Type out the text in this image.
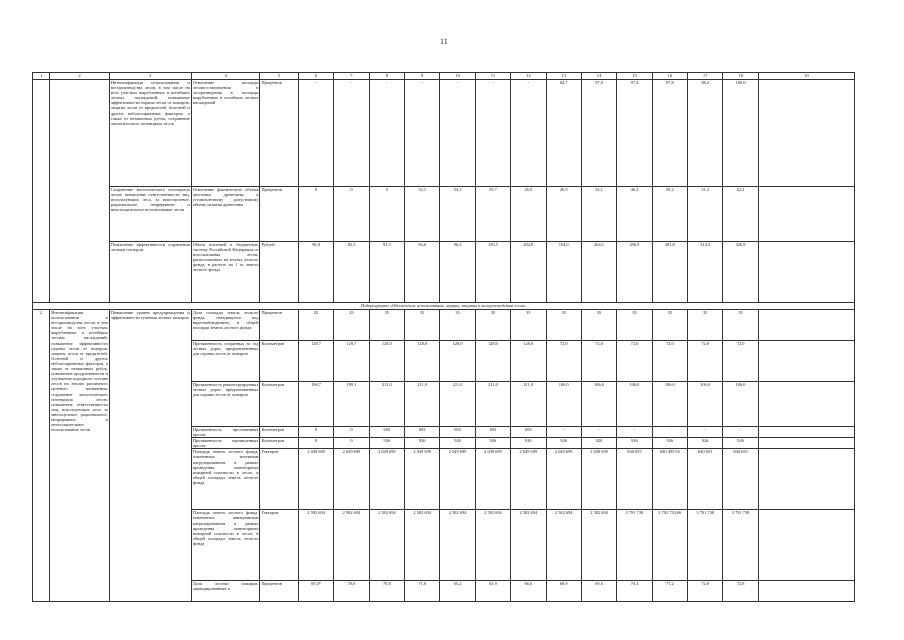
11
1	2	3	4	5	6	7	8	9	10	11	12	13	14	15	16	17	18	19
		Интенсификация использования и воспроизводства лесов, в том числе на всех участках вырубленных и погибших лесных насаждений; повышение эффективности охраны лесов от пожаров, защиты лесов от вредителей, болезней и других неблагоприятных факторов, а также от незаконных рубок; сохранение экологического потенциала лесов	Отношение площади лесовосстановления и лесоразведения к площади вырубленных и погибших лесных насаждений	Процентов	-	-	-	-	-	-	-	84,7	97,0	97,4	97,8	98,2	100,0	
		Сохранение экологического потенциала лесов; повышение ответственности лиц, использующих леса, за многоцелевое, рациональное, непрерывное и неистощительное использование лесов	Отношение фактического объема заготовки древесины к установленному допустимому объему изъятия древесины	Процентов	0	0	0	52,1	54,1	55,7	26,5	26,9	32,1	46,2	50,2	51,2	52,2	
		Повышение эффективности управления лесным сектором	Объем платежей в бюджетную систему Российской Федерации от использования лесов, расположенных на землях лесного фонда, в расчете на 1 га земель лесного фонда	Рублей	96,9	82,3	91,3	94,6	96,2	139,5	202,8	194,0	264,1	296,9	301,8	314,3	326,9	
Подпрограмма «Обеспечение использования, охраны, защиты и воспроизводства лесов»																		
2.	Интенсификация использования и воспроизводства лесов, в том числе на всех участках вырубленных и погибших лесных насаждений; повышение эффективности охраны лесов от пожаров, защиты лесов от вредителей, болезней и других неблагоприятных факторов, а также от незаконных рубок, повышение продуктивности и улучшение породного состава лесов на землях различного целевого назначения; сохранение экологического потенциала лесов; повышение ответственности лиц, использующих леса, за многоцелевое, рациональное, непрерывное и неистощительное использование лесов	Повышение уровня предупреждения и эффективности тушения лесных пожаров	Доля площади земель лесного фонда, находящихся под видеонаблюдением, в общей площади земель лесного фонда	Процентов	25	25	35	35	35	35	35	35	35	35	35	35	35	
			Протяженность созданных за год лесных дорог, предназначенных для охраны лесов от пожаров	Километров	128,7	129,7	128,0	128,0	128,0	128,0	128,0	72,0	72,0	72,0	72,0	72,0	72,0	
			Протяженность реконструируемых лесных дорог, предназначенных для охраны лесов от пожаров	Километров	196,7	199,1	211,0	211,0	211,0	211,0	211,0	106,0	106,0	106,0	106,0	106,0	106,0	
			Протяженность проложенных просек	Километров	0	0	693	693	693	693	693	-	-	-	-	-	-	
			Протяженность прочищенных просек	Километров	0	0	926	926	926	926	926	926	926	926	926	926	926	
			Площадь земель лесного фонда, охваченных наземным патрулированием в рамках проведения мониторинга пожарной опасности в лесах, в общей площади земель лесного фонда	Гектаров	2 049 699	2 049 699	2 049 699	2 049 699	2 049 699	2 049 699	2 049 699	2 049 699	2 049 699	840 655	840 495,94	840 655	840 655	
			Площадь земель лесного фонда, охваченных авиационным патрулированием в рамках проведения мониторинга пожарной опасности в лесах, в общей площади земель лесного фонда	Гектаров	2 582 694	2 582 694	2 582 694	2 582 694	2 582 694	2 582 694	2 582 694	2 582 694	2 582 694	3 791 738	3 792 733,06	3 791 738	3 791 738	
			Доля лесных пожаров, ликвидированных в	Процентов	69,4*	70,0	70,8	71,6	65,2	65,9	66,6	68,9	69,6	70,4	71,2	72,0	72,8	
